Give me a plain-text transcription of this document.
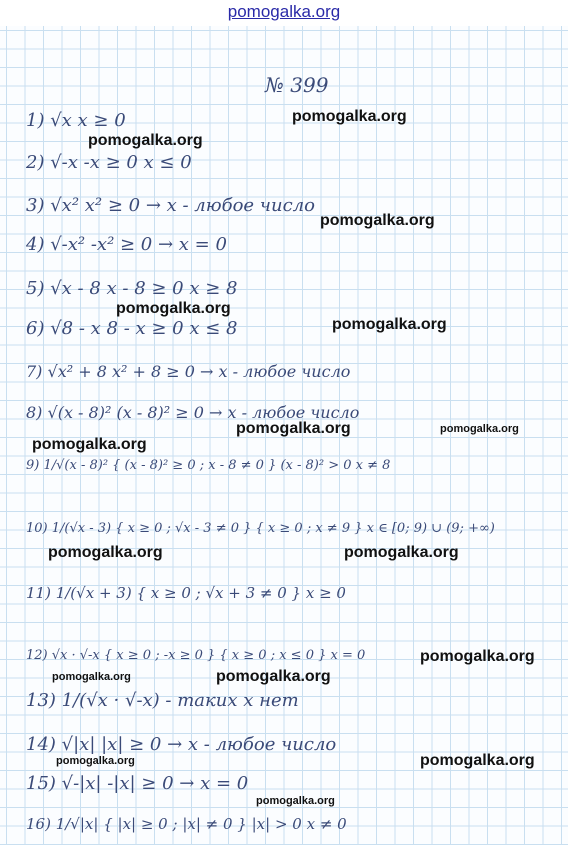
pomogalka.org
№ 399
1) √x x ≥ 0
2) √-x -x ≥ 0 x ≤ 0
3) √x² x² ≥ 0 → x - любое число
4) √-x² -x² ≥ 0 → x = 0
5) √x - 8 x - 8 ≥ 0 x ≥ 8
6) √8 - x 8 - x ≥ 0 x ≤ 8
7) √x² + 8 x² + 8 ≥ 0 → x - любое число
8) √(x - 8)² (x - 8)² ≥ 0 → x - любое число
9) 1/√(x - 8)² { (x - 8)² ≥ 0 ; x - 8 ≠ 0 } (x - 8)² > 0 x ≠ 8
10) 1/(√x - 3) { x ≥ 0 ; √x - 3 ≠ 0 } { x ≥ 0 ; x ≠ 9 } x ∈ [0; 9) ∪ (9; +∞)
11) 1/(√x + 3) { x ≥ 0 ; √x + 3 ≠ 0 } x ≥ 0
12) √x · √-x { x ≥ 0 ; -x ≥ 0 } { x ≥ 0 ; x ≤ 0 } x = 0
13) 1/(√x · √-x) - таких x нет
14) √|x| |x| ≥ 0 → x - любое число
15) √-|x| -|x| ≥ 0 → x = 0
16) 1/√|x| { |x| ≥ 0 ; |x| ≠ 0 } |x| > 0 x ≠ 0
pomogalka.org
pomogalka.org
pomogalka.org
pomogalka.org
pomogalka.org
pomogalka.org	pomogalka.org
pomogalka.org
pomogalka.org	pomogalka.org
pomogalka.org
pomogalka.org
pomogalka.org
pomogalka.org	pomogalka.org
pomogalka.org
